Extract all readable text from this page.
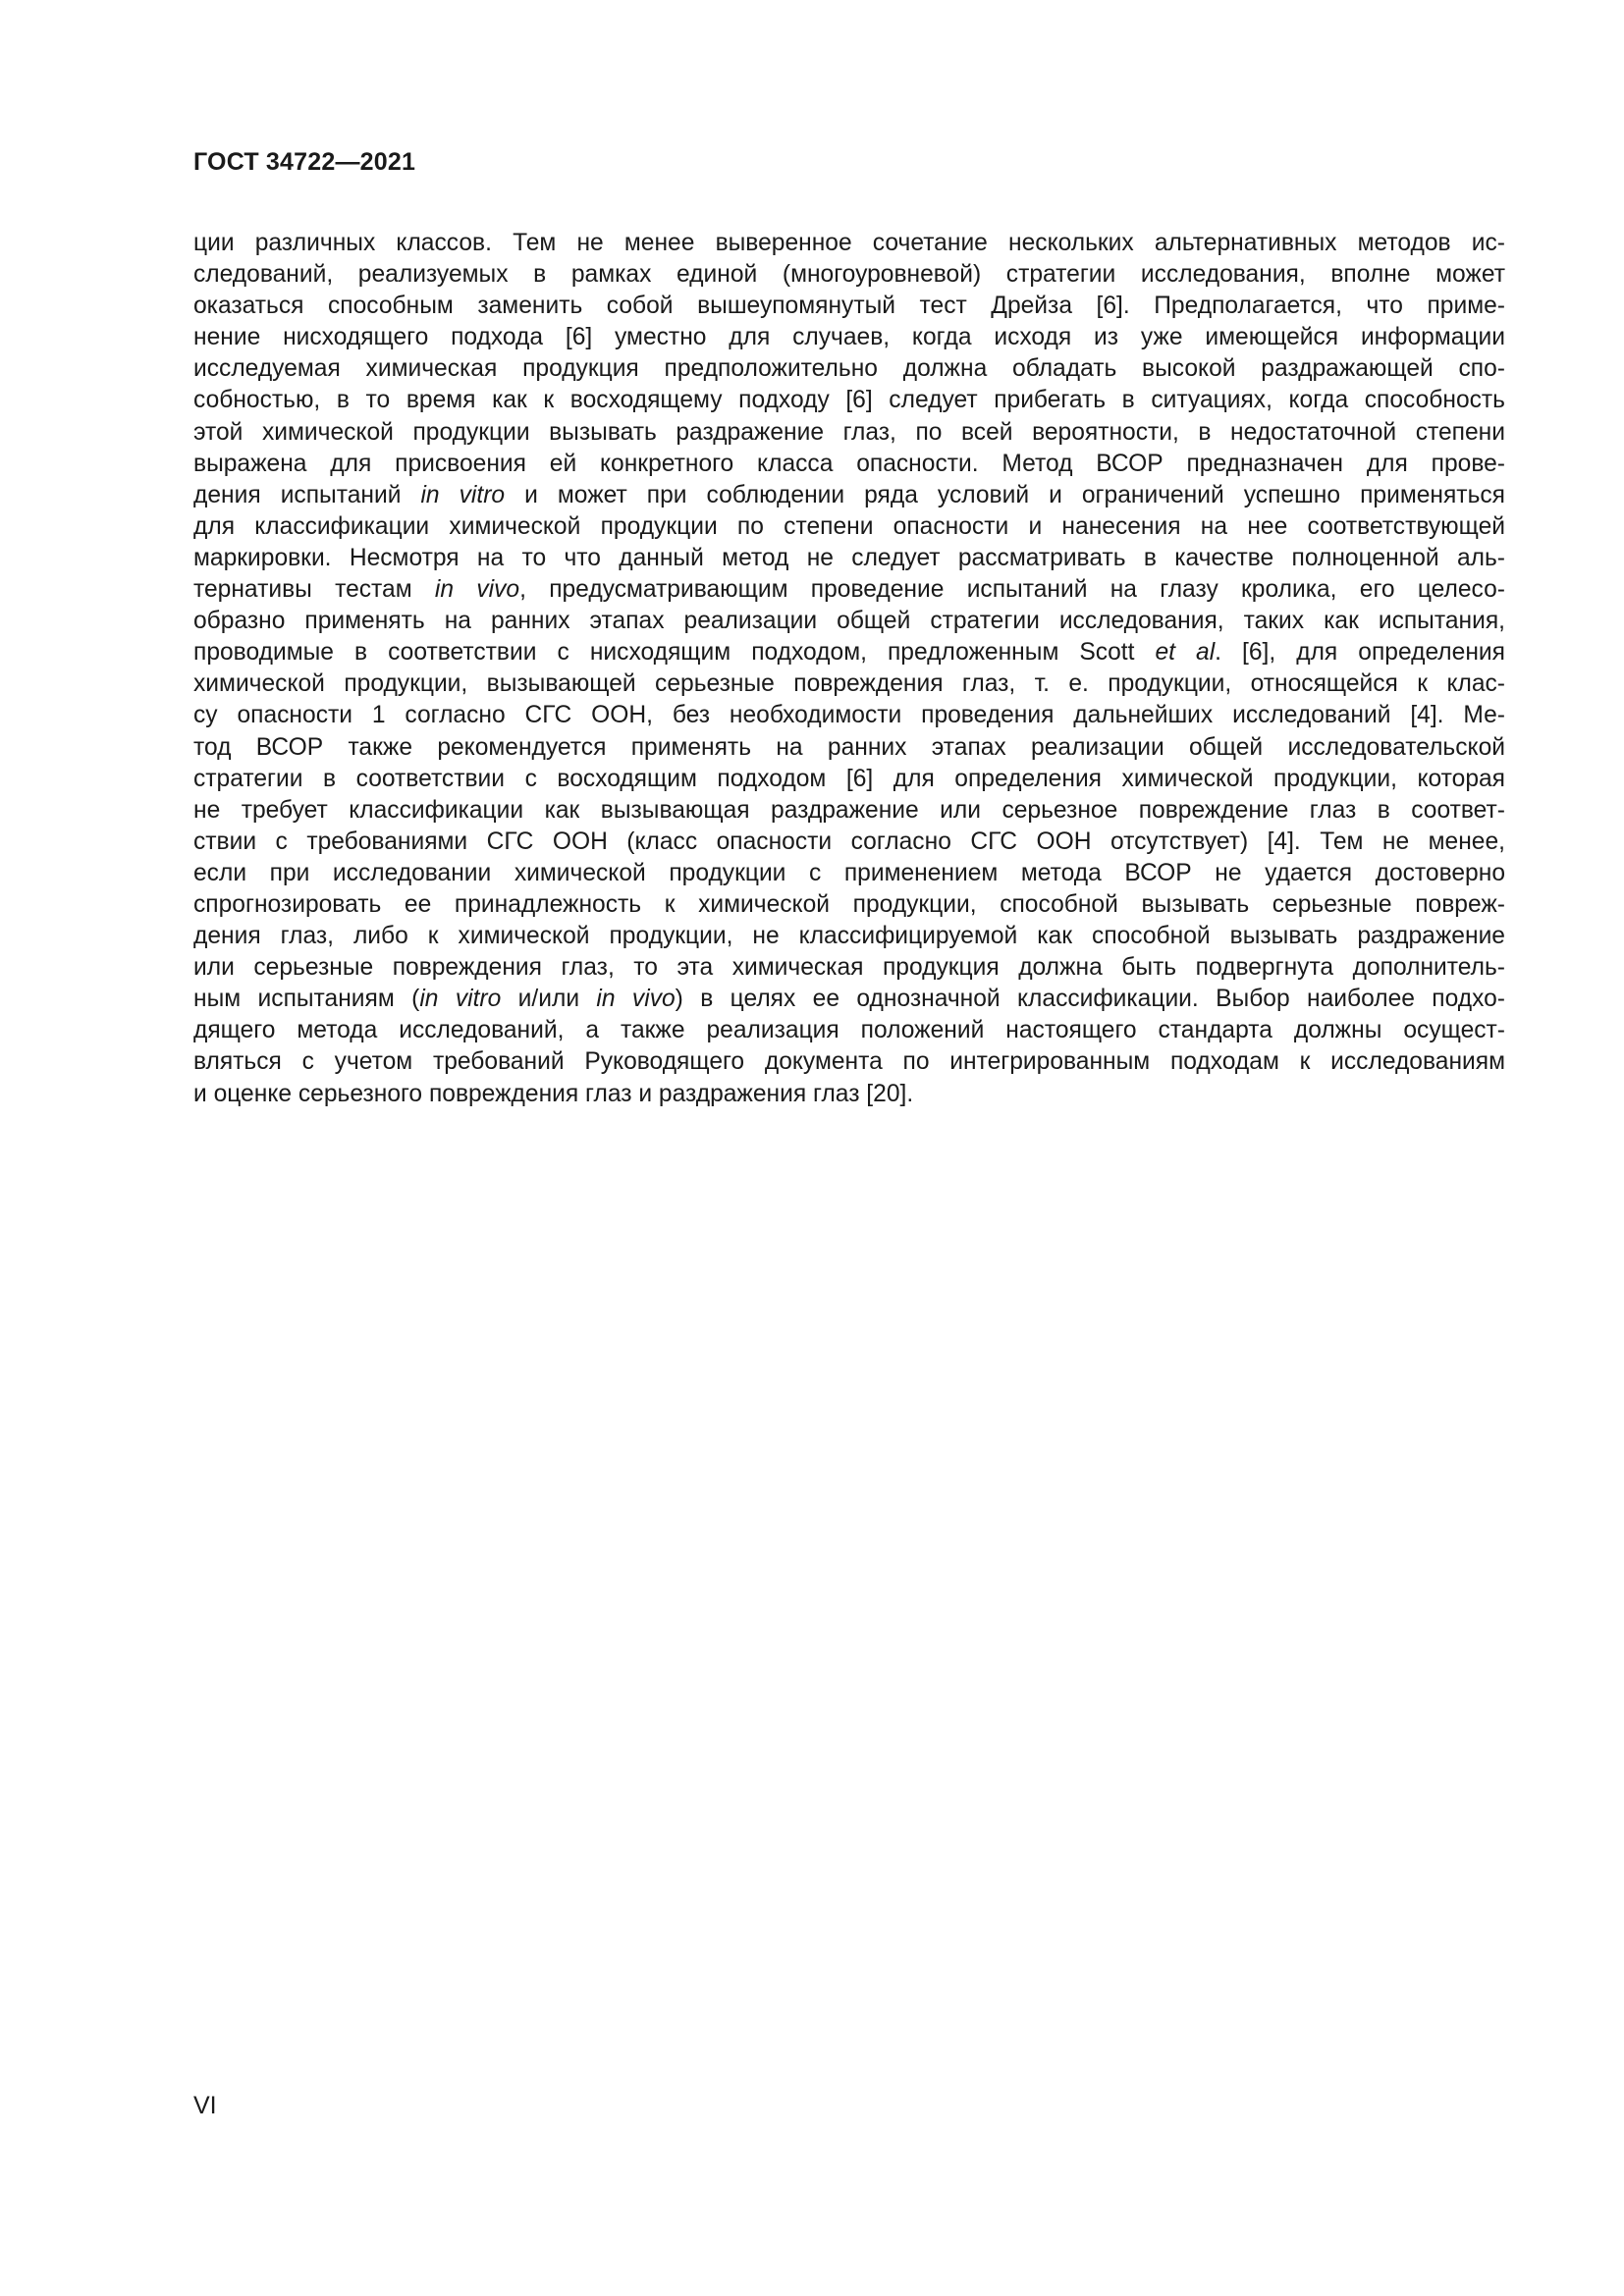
ГОСТ 34722—2021
ции различных классов. Тем не менее выверенное сочетание нескольких альтернативных методов ис-
следований, реализуемых в рамках единой (многоуровневой) стратегии исследования, вполне может
оказаться способным заменить собой вышеупомянутый тест Дрейза [6]. Предполагается, что приме-
нение нисходящего подхода [6] уместно для случаев, когда исходя из уже имеющейся информации
исследуемая химическая продукция предположительно должна обладать высокой раздражающей спо-
собностью, в то время как к восходящему подходу [6] следует прибегать в ситуациях, когда способность
этой химической продукции вызывать раздражение глаз, по всей вероятности, в недостаточной степени
выражена для присвоения ей конкретного класса опасности. Метод ВСОР предназначен для прове-
дения испытаний in vitro и может при соблюдении ряда условий и ограничений успешно применяться
для классификации химической продукции по степени опасности и нанесения на нее соответствующей
маркировки. Несмотря на то что данный метод не следует рассматривать в качестве полноценной аль-
тернативы тестам in vivo, предусматривающим проведение испытаний на глазу кролика, его целесо-
образно применять на ранних этапах реализации общей стратегии исследования, таких как испытания,
проводимые в соответствии с нисходящим подходом, предложенным Scott et al. [6], для определения
химической продукции, вызывающей серьезные повреждения глаз, т. е. продукции, относящейся к клас-
су опасности 1 согласно СГС ООН, без необходимости проведения дальнейших исследований [4]. Ме-
тод ВСОР также рекомендуется применять на ранних этапах реализации общей исследовательской
стратегии в соответствии с восходящим подходом [6] для определения химической продукции, которая
не требует классификации как вызывающая раздражение или серьезное повреждение глаз в соответ-
ствии с требованиями СГС ООН (класс опасности согласно СГС ООН отсутствует) [4]. Тем не менее,
если при исследовании химической продукции с применением метода ВСОР не удается достоверно
спрогнозировать ее принадлежность к химической продукции, способной вызывать серьезные повреж-
дения глаз, либо к химической продукции, не классифицируемой как способной вызывать раздражение
или серьезные повреждения глаз, то эта химическая продукция должна быть подвергнута дополнитель-
ным испытаниям (in vitro и/или in vivo) в целях ее однозначной классификации. Выбор наиболее подхо-
дящего метода исследований, а также реализация положений настоящего стандарта должны осущест-
вляться с учетом требований Руководящего документа по интегрированным подходам к исследованиям
и оценке серьезного повреждения глаз и раздражения глаз [20].
VI
